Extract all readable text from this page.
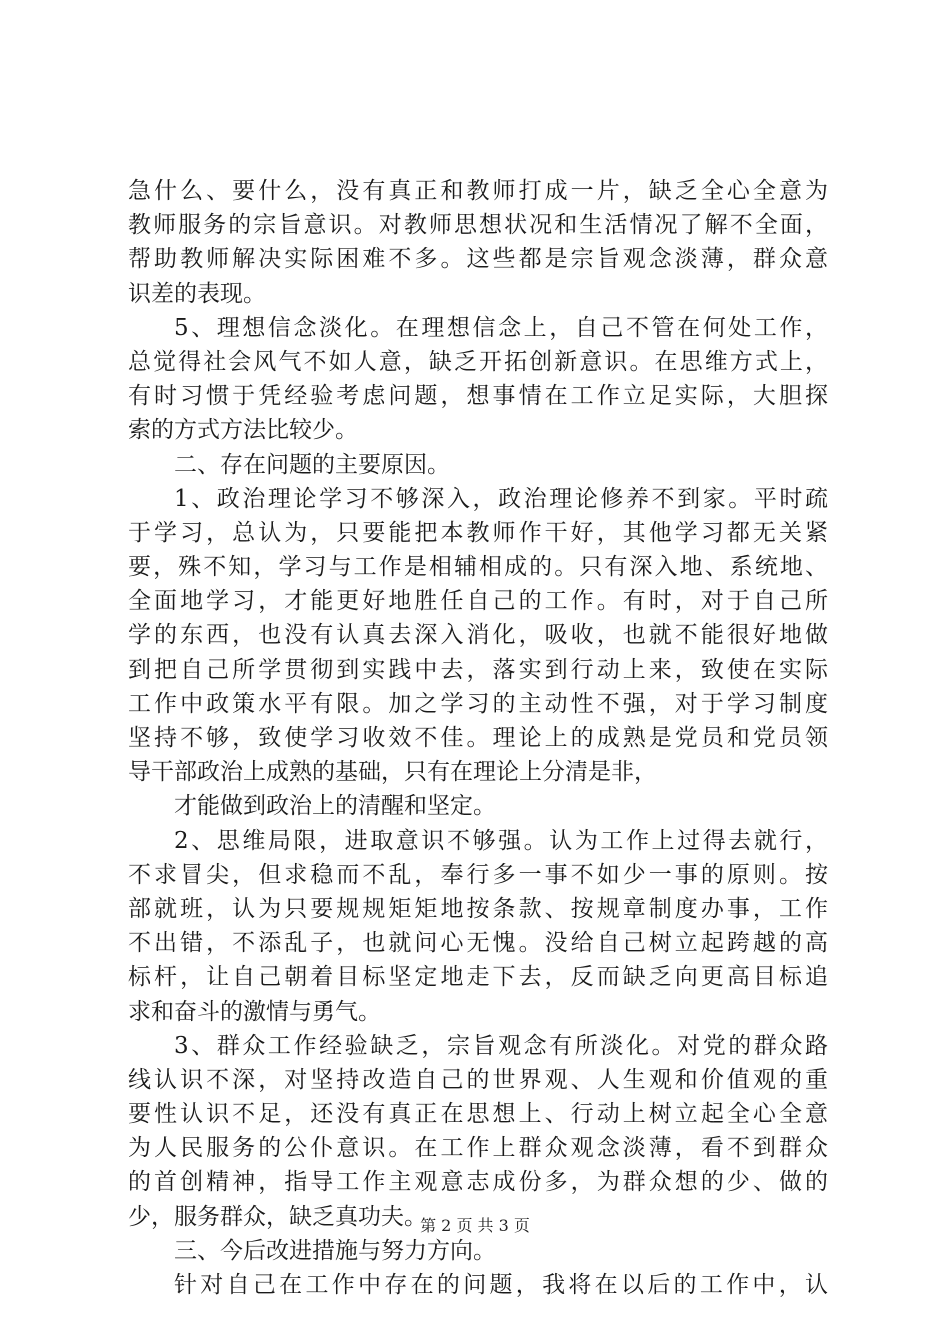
急什么、要什么，没有真正和教师打成一片，缺乏全心全意为
教师服务的宗旨意识。对教师思想状况和生活情况了解不全面，
帮助教师解决实际困难不多。这些都是宗旨观念淡薄，群众意
识差的表现。
5、理想信念淡化。在理想信念上，自己不管在何处工作，
总觉得社会风气不如人意，缺乏开拓创新意识。在思维方式上，
有时习惯于凭经验考虑问题，想事情在工作立足实际，大胆探
索的方式方法比较少。
二、存在问题的主要原因。
1、政治理论学习不够深入，政治理论修养不到家。平时疏
于学习，总认为，只要能把本教师作干好，其他学习都无关紧
要，殊不知，学习与工作是相辅相成的。只有深入地、系统地、
全面地学习，才能更好地胜任自己的工作。有时，对于自己所
学的东西，也没有认真去深入消化，吸收，也就不能很好地做
到把自己所学贯彻到实践中去，落实到行动上来，致使在实际
工作中政策水平有限。加之学习的主动性不强，对于学习制度
坚持不够，致使学习收效不佳。理论上的成熟是党员和党员领
导干部政治上成熟的基础，只有在理论上分清是非，
才能做到政治上的清醒和坚定。
2、思维局限，进取意识不够强。认为工作上过得去就行，
不求冒尖，但求稳而不乱，奉行多一事不如少一事的原则。按
部就班，认为只要规规矩矩地按条款、按规章制度办事，工作
不出错，不添乱子，也就问心无愧。没给自己树立起跨越的高
标杆，让自己朝着目标坚定地走下去，反而缺乏向更高目标追
求和奋斗的激情与勇气。
3、群众工作经验缺乏，宗旨观念有所淡化。对党的群众路
线认识不深，对坚持改造自己的世界观、人生观和价值观的重
要性认识不足，还没有真正在思想上、行动上树立起全心全意
为人民服务的公仆意识。在工作上群众观念淡薄，看不到群众
的首创精神，指导工作主观意志成份多，为群众想的少、做的
少，服务群众，缺乏真功夫。
三、今后改进措施与努力方向。
针对自己在工作中存在的问题，我将在以后的工作中，认
第 2 页 共 3 页
